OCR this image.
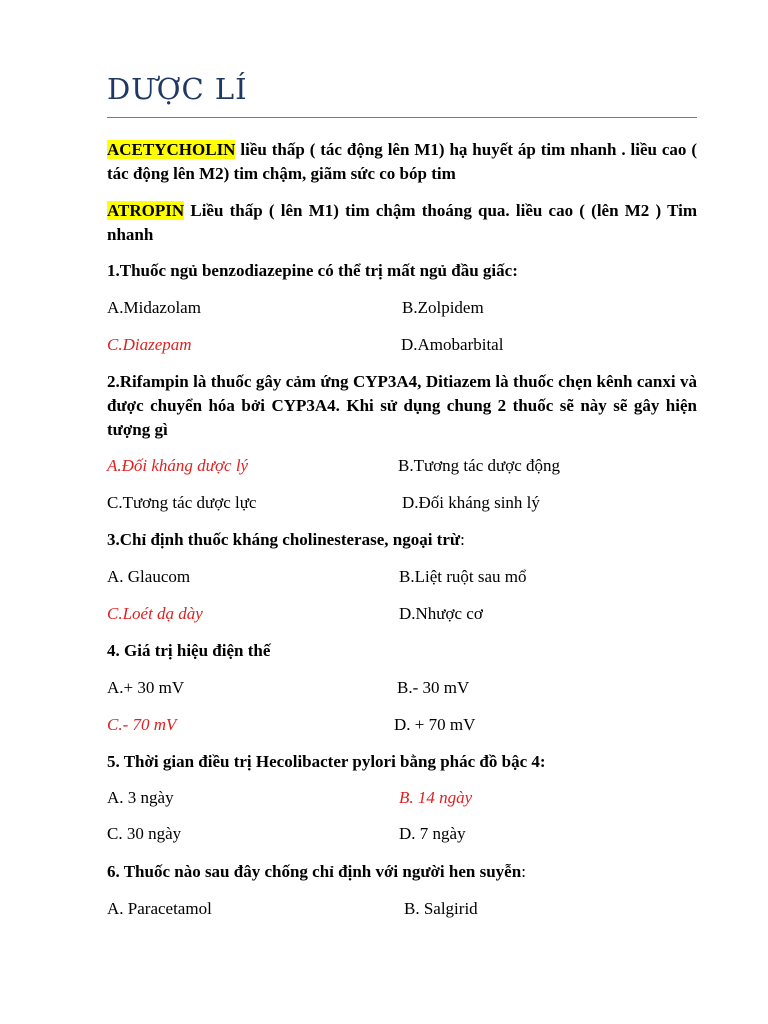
DƯỢC LÍ

ACETYCHOLIN liều thấp ( tác động lên M1) hạ huyết áp tim nhanh . liều cao ( tác động lên M2) tim chậm, giãm sức co bóp tim

ATROPIN Liều thấp ( lên M1) tim chậm thoáng qua. liều cao ( (lên M2 ) Tim nhanh

1.Thuốc ngủ benzodiazepine có thể trị mất ngủ đầu giấc:

A.Midazolam	B.Zolpidem
C.Diazepam	D.Amobarbital

2.Rifampin là thuốc gây cảm ứng CYP3A4, Ditiazem là thuốc chẹn kênh canxi và được chuyển hóa bởi CYP3A4. Khi sử dụng chung 2 thuốc sẽ này sẽ gây hiện tượng gì

A.Đối kháng dược lý	B.Tương tác dược động
C.Tương tác dược lực	D.Đối kháng sinh lý

3.Chỉ định thuốc kháng cholinesterase, ngoại trừ:

A. Glaucom	B.Liệt ruột sau mổ
C.Loét dạ dày	D.Nhược cơ

4. Giá trị hiệu điện thế

A.+ 30 mV	B.- 30 mV
C.- 70 mV	D. + 70 mV

5. Thời gian điều trị Hecolibacter pylori bằng phác đồ bậc 4:

A. 3 ngày	B. 14 ngày
C. 30 ngày	D. 7 ngày

6. Thuốc nào sau đây chống chỉ định với người hen suyễn:

A. Paracetamol	B. Salgirid
